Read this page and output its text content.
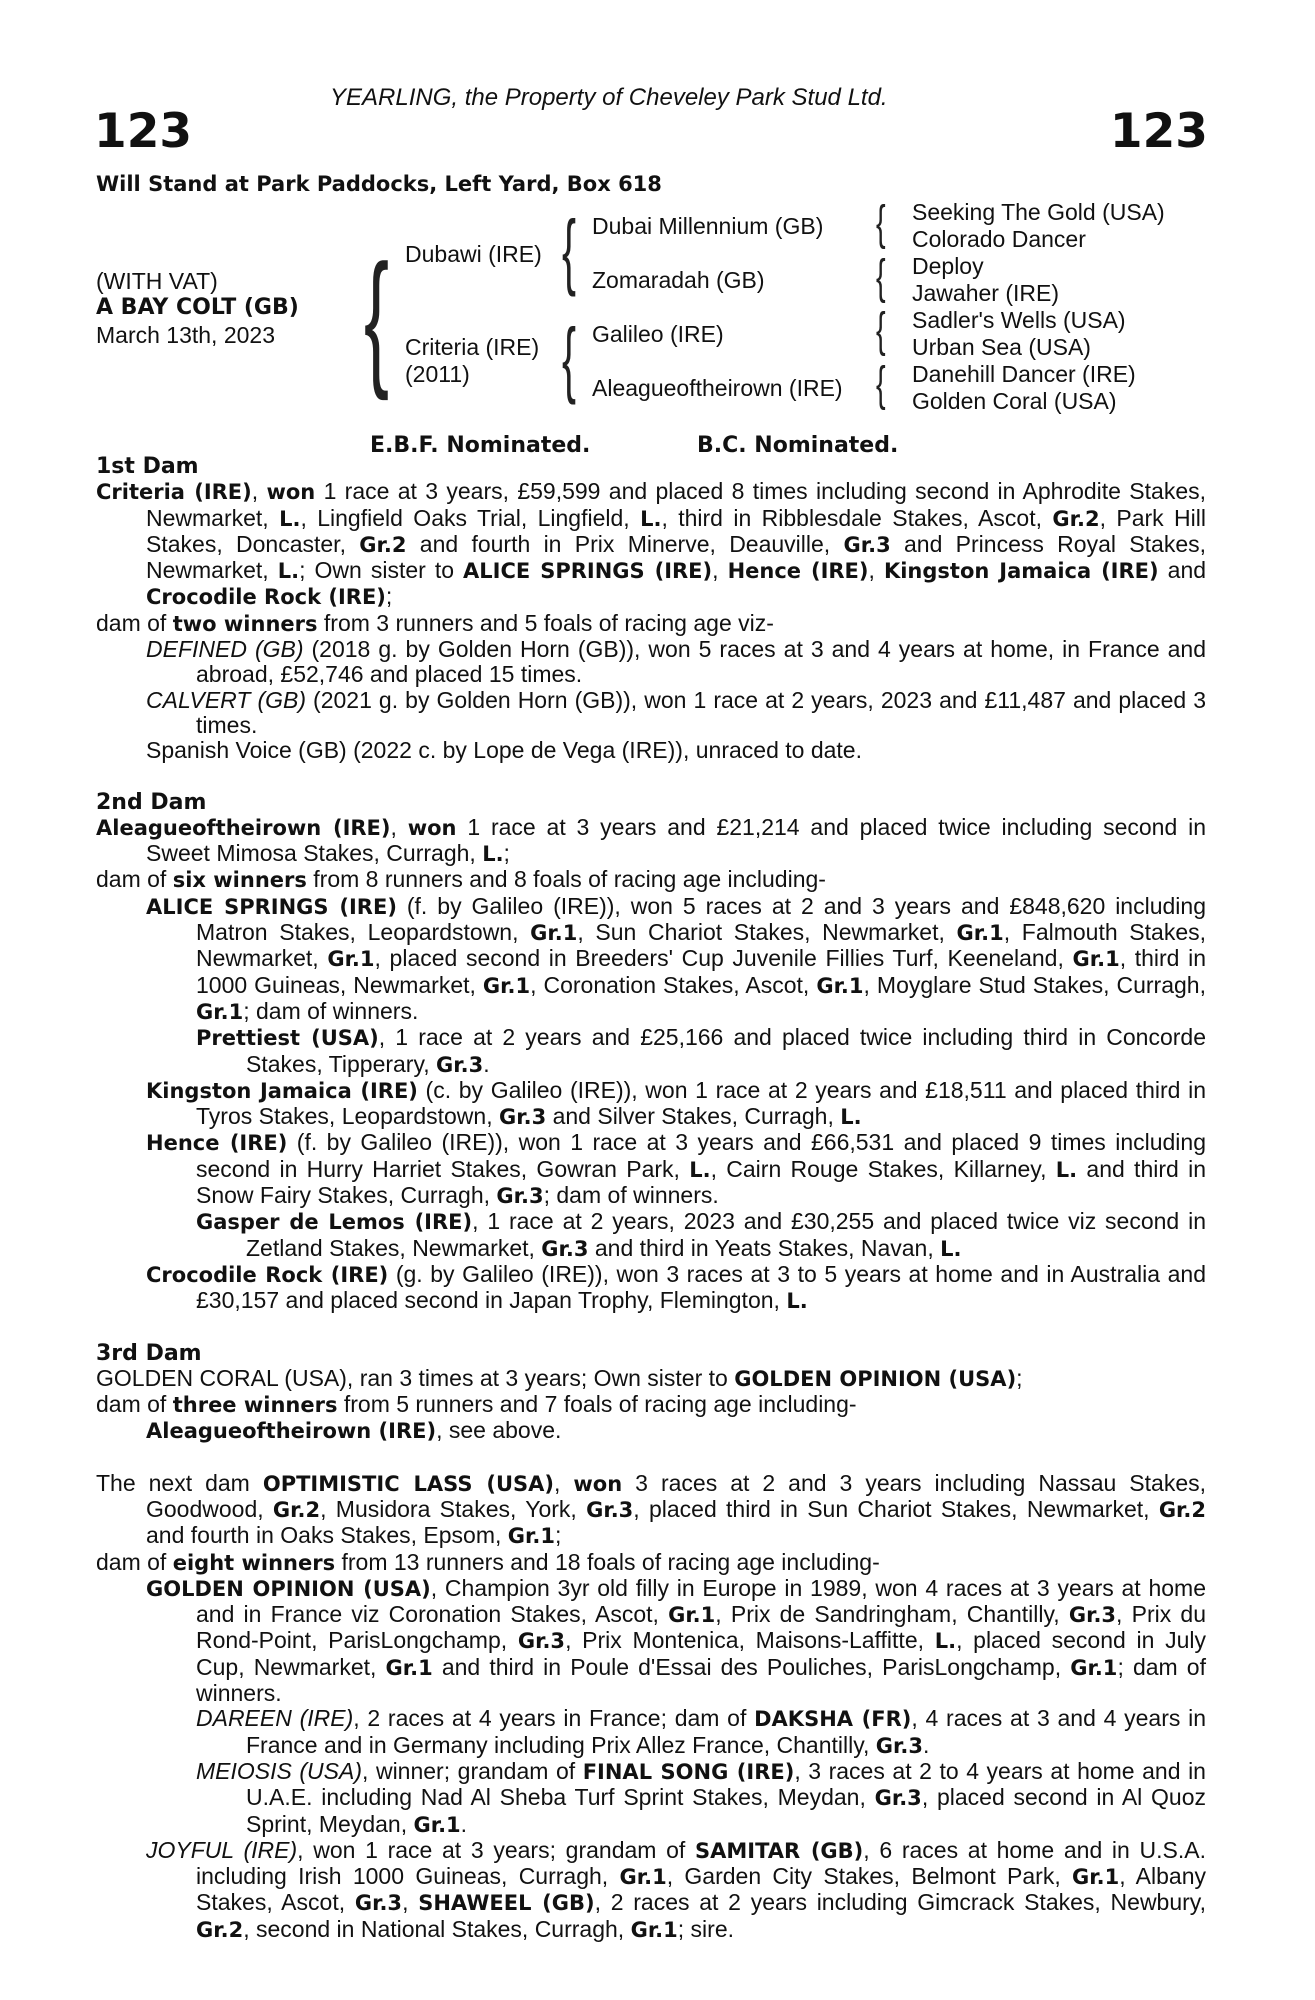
123	123
YEARLING, the Property of Cheveley Park Stud Ltd.
Will Stand at Park Paddocks, Left Yard, Box 618
(WITH VAT)
A BAY COLT (GB)
March 13th, 2023 { {
{
{
{
{
{
Dubawi (IRE)
Criteria (IRE)
(2011)
Dubai Millennium (GB)
Zomaradah (GB)
Galileo (IRE)
Aleagueoftheirown (IRE)
Seeking The Gold (USA)
Colorado Dancer
Deploy
Jawaher (IRE)
Sadler's Wells (USA)
Urban Sea (USA)
Danehill Dancer (IRE)
Golden Coral (USA)
E.B.F. Nominated.	B.C. Nominated.
1st Dam
Criteria (IRE), won 1 race at 3 years, £59,599 and placed 8 times including second in Aphrodite Stakes, Newmarket, L., Lingfield Oaks Trial, Lingfield, L., third in Ribblesdale Stakes, Ascot, Gr.2, Park Hill Stakes, Doncaster, Gr.2 and fourth in Prix Minerve, Deauville, Gr.3 and Princess Royal Stakes, Newmarket, L.; Own sister to ALICE SPRINGS (IRE), Hence (IRE), Kingston Jamaica (IRE) and Crocodile Rock (IRE);
dam of two winners from 3 runners and 5 foals of racing age viz-
DEFINED (GB) (2018 g. by Golden Horn (GB)), won 5 races at 3 and 4 years at home, in France and abroad, £52,746 and placed 15 times.
CALVERT (GB) (2021 g. by Golden Horn (GB)), won 1 race at 2 years, 2023 and £11,487 and placed 3 times.
Spanish Voice (GB) (2022 c. by Lope de Vega (IRE)), unraced to date.
2nd Dam
Aleagueoftheirown (IRE), won 1 race at 3 years and £21,214 and placed twice including second in Sweet Mimosa Stakes, Curragh, L.;
dam of six winners from 8 runners and 8 foals of racing age including-
ALICE SPRINGS (IRE) (f. by Galileo (IRE)), won 5 races at 2 and 3 years and £848,620 including Matron Stakes, Leopardstown, Gr.1, Sun Chariot Stakes, Newmarket, Gr.1, Falmouth Stakes, Newmarket, Gr.1, placed second in Breeders' Cup Juvenile Fillies Turf, Keeneland, Gr.1, third in 1000 Guineas, Newmarket, Gr.1, Coronation Stakes, Ascot, Gr.1, Moyglare Stud Stakes, Curragh, Gr.1; dam of winners.
Prettiest (USA), 1 race at 2 years and £25,166 and placed twice including third in Concorde Stakes, Tipperary, Gr.3.
Kingston Jamaica (IRE) (c. by Galileo (IRE)), won 1 race at 2 years and £18,511 and placed third in Tyros Stakes, Leopardstown, Gr.3 and Silver Stakes, Curragh, L.
Hence (IRE) (f. by Galileo (IRE)), won 1 race at 3 years and £66,531 and placed 9 times including second in Hurry Harriet Stakes, Gowran Park, L., Cairn Rouge Stakes, Killarney, L. and third in Snow Fairy Stakes, Curragh, Gr.3; dam of winners.
Gasper de Lemos (IRE), 1 race at 2 years, 2023 and £30,255 and placed twice viz second in Zetland Stakes, Newmarket, Gr.3 and third in Yeats Stakes, Navan, L.
Crocodile Rock (IRE) (g. by Galileo (IRE)), won 3 races at 3 to 5 years at home and in Australia and £30,157 and placed second in Japan Trophy, Flemington, L.
3rd Dam
GOLDEN CORAL (USA), ran 3 times at 3 years; Own sister to GOLDEN OPINION (USA);
dam of three winners from 5 runners and 7 foals of racing age including-
Aleagueoftheirown (IRE), see above.
The next dam OPTIMISTIC LASS (USA), won 3 races at 2 and 3 years including Nassau Stakes, Goodwood, Gr.2, Musidora Stakes, York, Gr.3, placed third in Sun Chariot Stakes, Newmarket, Gr.2 and fourth in Oaks Stakes, Epsom, Gr.1;
dam of eight winners from 13 runners and 18 foals of racing age including-
GOLDEN OPINION (USA), Champion 3yr old filly in Europe in 1989, won 4 races at 3 years at home and in France viz Coronation Stakes, Ascot, Gr.1, Prix de Sandringham, Chantilly, Gr.3, Prix du Rond-Point, ParisLongchamp, Gr.3, Prix Montenica, Maisons-Laffitte, L., placed second in July Cup, Newmarket, Gr.1 and third in Poule d'Essai des Pouliches, ParisLongchamp, Gr.1; dam of winners.
DAREEN (IRE), 2 races at 4 years in France; dam of DAKSHA (FR), 4 races at 3 and 4 years in France and in Germany including Prix Allez France, Chantilly, Gr.3.
MEIOSIS (USA), winner; grandam of FINAL SONG (IRE), 3 races at 2 to 4 years at home and in U.A.E. including Nad Al Sheba Turf Sprint Stakes, Meydan, Gr.3, placed second in Al Quoz Sprint, Meydan, Gr.1.
JOYFUL (IRE), won 1 race at 3 years; grandam of SAMITAR (GB), 6 races at home and in U.S.A. including Irish 1000 Guineas, Curragh, Gr.1, Garden City Stakes, Belmont Park, Gr.1, Albany Stakes, Ascot, Gr.3, SHAWEEL (GB), 2 races at 2 years including Gimcrack Stakes, Newbury, Gr.2, second in National Stakes, Curragh, Gr.1; sire.
